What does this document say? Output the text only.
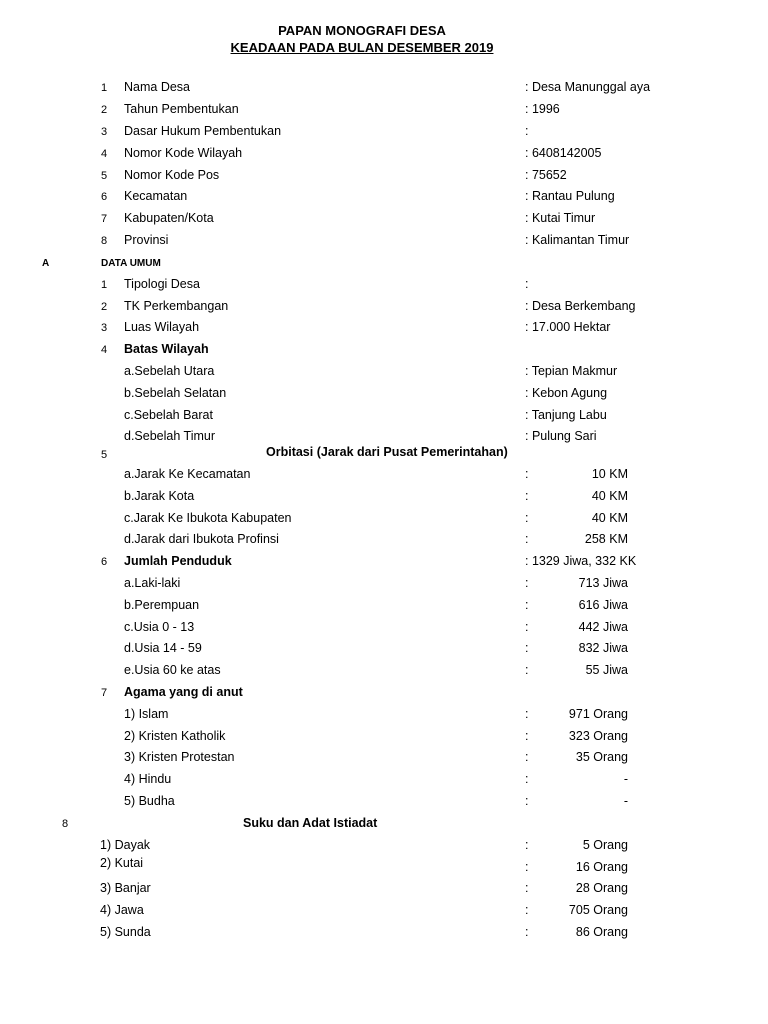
PAPAN MONOGRAFI DESA
KEADAAN PADA BULAN DESEMBER 2019
1 Nama Desa	: Desa Manunggal aya
2 Tahun Pembentukan	: 1996
3 Dasar Hukum Pembentukan	:
4 Nomor Kode Wilayah	: 6408142005
5 Nomor Kode Pos	: 75652
6 Kecamatan	: Rantau Pulung
7 Kabupaten/Kota	: Kutai Timur
8 Provinsi	: Kalimantan Timur
A	DATA UMUM
1 Tipologi Desa	:
2 TK Perkembangan	: Desa Berkembang
3 Luas Wilayah	: 17.000 Hektar
4 Batas Wilayah
a.Sebelah Utara	: Tepian Makmur
b.Sebelah Selatan	: Kebon Agung
c.Sebelah Barat	: Tanjung Labu
d.Sebelah Timur	: Pulung Sari
5	Orbitasi (Jarak dari Pusat Pemerintahan)
a.Jarak Ke Kecamatan	:	10 KM
b.Jarak Kota	:	40 KM
c.Jarak Ke Ibukota Kabupaten	:	40 KM
d.Jarak dari Ibukota Profinsi	:	258 KM
6 Jumlah Penduduk	: 1329 Jiwa, 332 KK
a.Laki-laki	:	713 Jiwa
b.Perempuan	:	616 Jiwa
c.Usia 0 - 13	:	442 Jiwa
d.Usia 14 - 59	:	832 Jiwa
e.Usia 60 ke atas	:	55 Jiwa
7 Agama yang di anut
1) Islam	:	971 Orang
2) Kristen Katholik	:	323 Orang
3) Kristen Protestan	:	35 Orang
4) Hindu	:	-
5) Budha	:	-
8	Suku dan Adat Istiadat
1) Dayak	:	5 Orang
2) Kutai	:	16 Orang
3) Banjar	:	28 Orang
4) Jawa	:	705 Orang
5) Sunda	:	86 Orang
